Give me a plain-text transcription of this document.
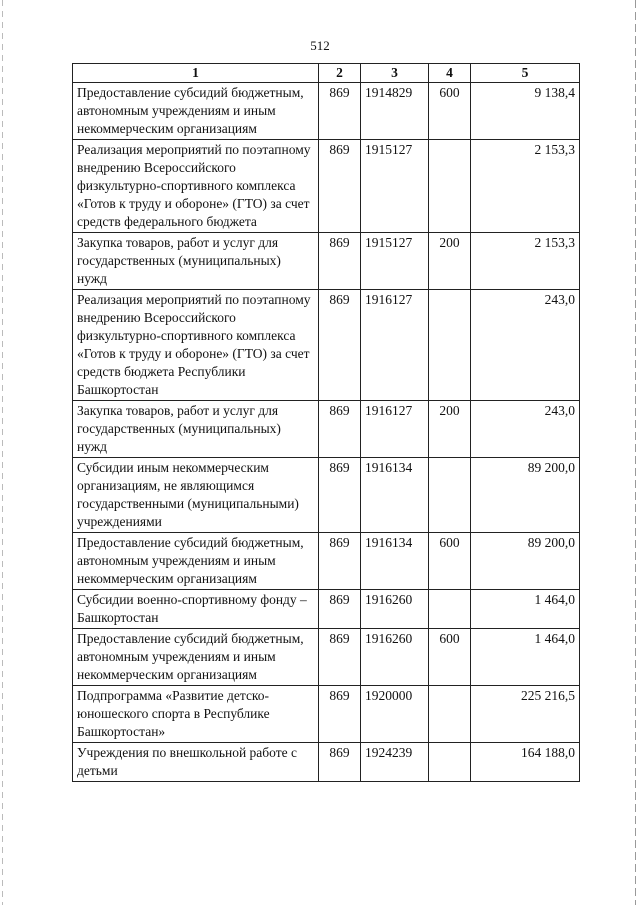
512
1	2	3	4	5
Предоставление субсидий бюджетным, автономным учреждениям и иным некоммерческим организациям	869	1914829	600	9 138,4
Реализация мероприятий по поэтапному внедрению Всероссийского физкультурно-спортивного комплекса «Готов к труду и обороне» (ГТО) за счет средств федерального бюджета	869	1915127		2 153,3
Закупка товаров, работ и услуг для государственных (муниципальных) нужд	869	1915127	200	2 153,3
Реализация мероприятий по поэтапному внедрению Всероссийского физкультурно-спортивного комплекса «Готов к труду и обороне» (ГТО) за счет средств бюджета Республики Башкортостан	869	1916127		243,0
Закупка товаров, работ и услуг для государственных (муниципальных) нужд	869	1916127	200	243,0
Субсидии иным некоммерческим организациям, не являющимся государственными (муниципальными) учреждениями	869	1916134		89 200,0
Предоставление субсидий бюджетным, автономным учреждениям и иным некоммерческим организациям	869	1916134	600	89 200,0
Субсидии военно-спортивному фонду – Башкортостан	869	1916260		1 464,0
Предоставление субсидий бюджетным, автономным учреждениям и иным некоммерческим организациям	869	1916260	600	1 464,0
Подпрограмма «Развитие детско-юношеского спорта в Республике Башкортостан»	869	1920000		225 216,5
Учреждения по внешкольной работе с детьми	869	1924239		164 188,0
